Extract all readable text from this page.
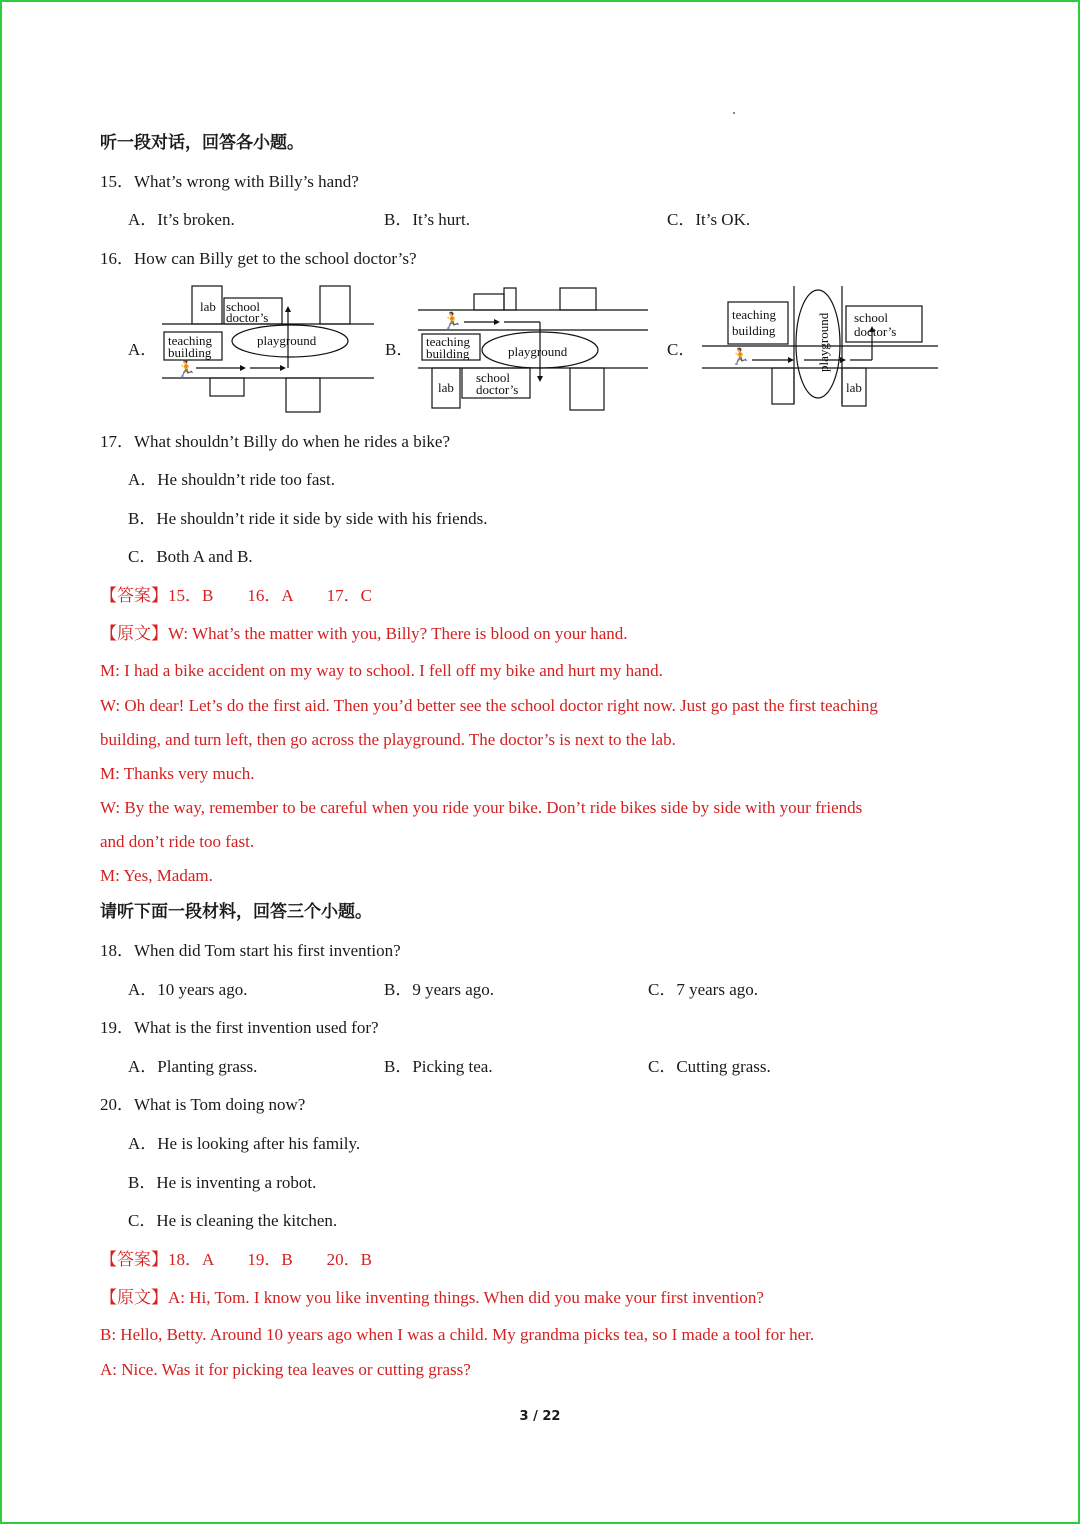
听一段对话，回答各小题。
15．What’s wrong with Billy’s hand?
A．It’s broken.	B．It’s hurt.	C．It’s OK.
16．How can Billy get to the school doctor’s?
A．	B．	C．
lab school
doctor’s
teaching
building
playground
🏃
🏃
teaching
building	playground
lab
school
doctor’s
teaching
building
school
doctor’s
lab
playground
🏃
17．What shouldn’t Billy do when he rides a bike?
A．He shouldn’t ride too fast.
B．He shouldn’t ride it side by side with his friends.
C．Both A and B.
【答案】15．B　　16．A　　17．C
【原文】W: What’s the matter with you, Billy? There is blood on your hand.
M: I had a bike accident on my way to school. I fell off my bike and hurt my hand.
W: Oh dear! Let’s do the first aid. Then you’d better see the school doctor right now. Just go past the first teaching
building, and turn left, then go across the playground. The doctor’s is next to the lab.
M: Thanks very much.
W: By the way, remember to be careful when you ride your bike. Don’t ride bikes side by side with your friends
and don’t ride too fast.
M: Yes, Madam.
请听下面一段材料，回答三个小题。
18．When did Tom start his first invention?
A．10 years ago.	B．9 years ago.	C．7 years ago.
19．What is the first invention used for?
A．Planting grass.	B．Picking tea.	C．Cutting grass.
20．What is Tom doing now?
A．He is looking after his family.
B．He is inventing a robot.
C．He is cleaning the kitchen.
【答案】18．A　　19．B　　20．B
【原文】A: Hi, Tom. I know you like inventing things. When did you make your first invention?
B: Hello, Betty. Around 10 years ago when I was a child. My grandma picks tea, so I made a tool for her.
A: Nice. Was it for picking tea leaves or cutting grass?
3 / 22
